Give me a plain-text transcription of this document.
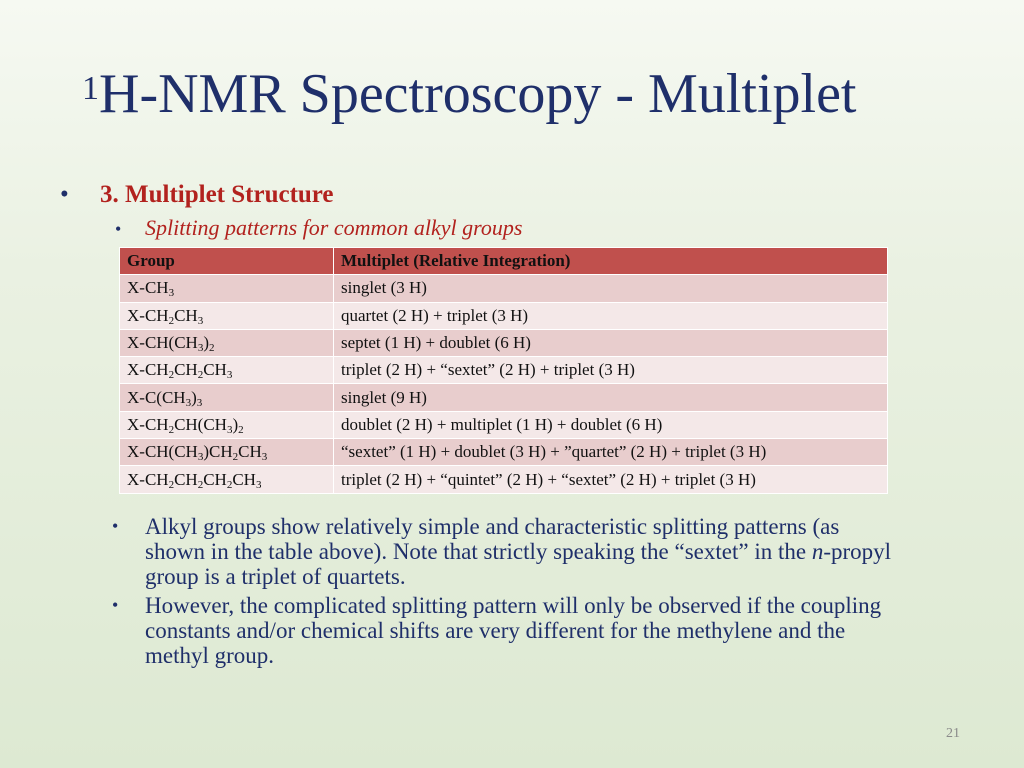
$^1$H-NMR Spectroscopy - Multiplet
• 3. Multiplet Structure
• Splitting patterns for common alkyl groups
Group	Multiplet (Relative Integration)
$X-CH_3$	singlet (3 H)
$X-CH_2CH_3$	quartet (2 H) + triplet (3 H)
$X-CH(CH_3)_2$	septet (1 H) + doublet (6 H)
$X-CH_2CH_2CH_3$	triplet (2 H) + “sextet” (2 H) + triplet (3 H)
$X-C(CH_3)_3$	singlet (9 H)
$X-CH_2CH(CH_3)_2$	doublet (2 H) + multiplet (1 H) + doublet (6 H)
$X-CH(CH_3)CH_2CH_3$	“sextet” (1 H) + doublet (3 H) + ”quartet” (2 H) + triplet (3 H)
$X-CH_2CH_2CH_2CH_3$	triplet (2 H) + “quintet” (2 H) + “sextet” (2 H) + triplet (3 H)
•	Alkyl groups show relatively simple and characteristic splitting patterns (as shown in the table above). Note that strictly speaking the “sextet” in the n-propyl group is a triplet of quartets.
•	However, the complicated splitting pattern will only be observed if the coupling constants and/or chemical shifts are very different for the methylene and the methyl group.
21
